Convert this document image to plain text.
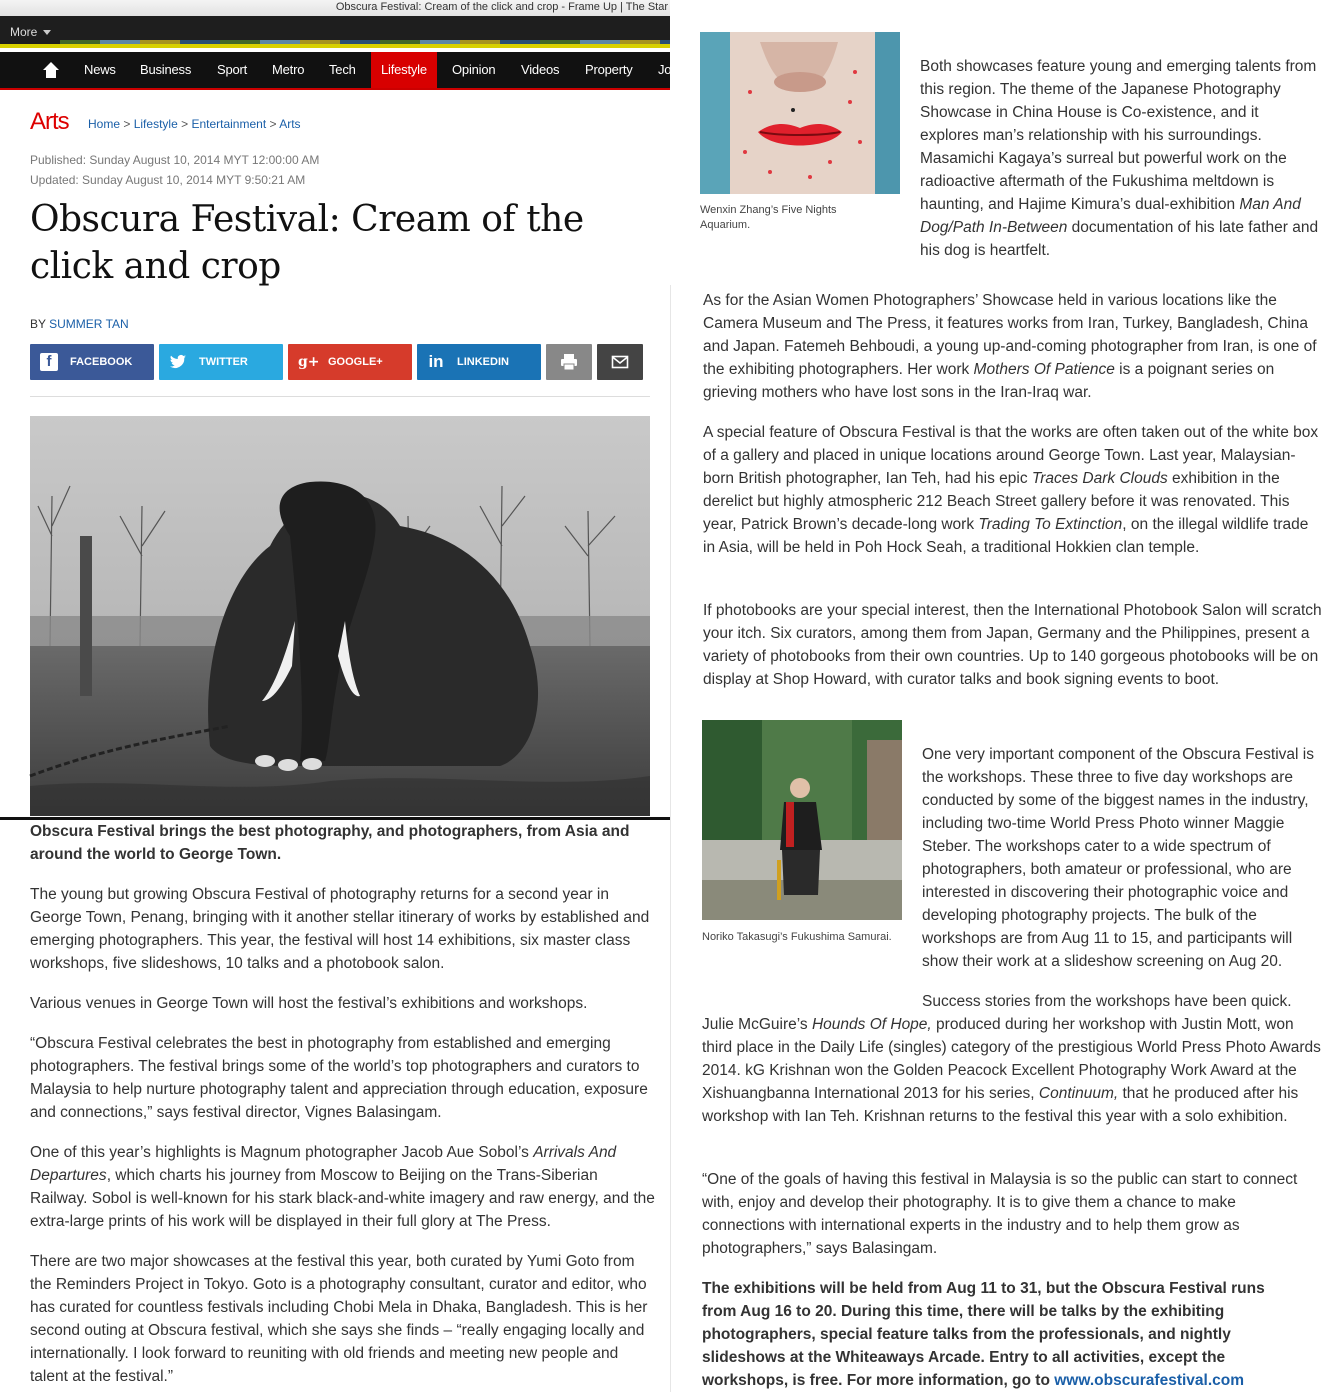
Obscura Festival: Cream of the click and crop - Frame Up | The Star
More
News Business Sport Metro Tech	Lifestyle	Opinion Videos Property Jo
Arts Home > Lifestyle > Entertainment > Arts
Published: Sunday August 10, 2014 MYT 12:00:00 AM
Updated: Sunday August 10, 2014 MYT 9:50:21 AM
Obscura Festival: Cream of the click and crop
BY SUMMER TAN
f	FACEBOOK	TWITTER	g+ GOOGLE+	in LINKEDIN
Obscura Festival brings the best photography, and photographers, from Asia and around the world to George Town.

The young but growing Obscura Festival of photography returns for a second year in George Town, Penang, bringing with it another stellar itinerary of works by established and emerging photographers. This year, the festival will host 14 exhibitions, six master class workshops, five slideshows, 10 talks and a photobook salon.

Various venues in George Town will host the festival’s exhibitions and workshops.

“Obscura Festival celebrates the best in photography from established and emerging photographers. The festival brings some of the world’s top photographers and curators to Malaysia to help nurture photography talent and appreciation through education, exposure and connections,” says festival director, Vignes Balasingam.

One of this year’s highlights is Magnum photographer Jacob Aue Sobol’s Arrivals And Departures, which charts his journey from Moscow to Beijing on the Trans-Siberian Railway. Sobol is well-known for his stark black-and-white imagery and raw energy, and the extra-large prints of his work will be displayed in their full glory at The Press.

There are two major showcases at the festival this year, both curated by Yumi Goto from the Reminders Project in Tokyo. Goto is a photography consultant, curator and editor, who has curated for countless festivals including Chobi Mela in Dhaka, Bangladesh. This is her second outing at Obscura festival, which she says she finds – “really engaging locally and internationally. I look forward to reuniting with old friends and meeting new people and talent at the festival.”

Wenxin Zhang’s Five Nights Aquarium.

Both showcases feature young and emerging talents from this region. The theme of the Japanese Photography Showcase in China House is Co-existence, and it explores man’s relationship with his surroundings. Masamichi Kagaya’s surreal but powerful work on the radioactive aftermath of the Fukushima meltdown is haunting, and Hajime Kimura’s dual-exhibition Man And Dog/Path In-Between documentation of his late father and his dog is heartfelt.

As for the Asian Women Photographers’ Showcase held in various locations like the Camera Museum and The Press, it features works from Iran, Turkey, Bangladesh, China and Japan. Fatemeh Behboudi, a young up-and-coming photographer from Iran, is one of the exhibiting photographers. Her work Mothers Of Patience is a poignant series on grieving mothers who have lost sons in the Iran-Iraq war.

A special feature of Obscura Festival is that the works are often taken out of the white box of a gallery and placed in unique locations around George Town. Last year, Malaysian-born British photographer, Ian Teh, had his epic Traces Dark Clouds exhibition in the derelict but highly atmospheric 212 Beach Street gallery before it was renovated. This year, Patrick Brown’s decade-long work Trading To Extinction, on the illegal wildlife trade in Asia, will be held in Poh Hock Seah, a traditional Hokkien clan temple.

If photobooks are your special interest, then the International Photobook Salon will scratch your itch. Six curators, among them from Japan, Germany and the Philippines, present a variety of photobooks from their own countries. Up to 140 gorgeous photobooks will be on display at Shop Howard, with curator talks and book signing events to boot.

Noriko Takasugi’s Fukushima Samurai.

One very important component of the Obscura Festival is the workshops. These three to five day workshops are conducted by some of the biggest names in the industry, including two-time World Press Photo winner Maggie Steber. The workshops cater to a wide spectrum of photographers, both amateur or professional, who are interested in discovering their photographic voice and developing photography projects. The bulk of the workshops are from Aug 11 to 15, and participants will show their work at a slideshow screening on Aug 20.

Success stories from the workshops have been quick.
Julie McGuire’s Hounds Of Hope, produced during her workshop with Justin Mott, won third place in the Daily Life (singles) category of the prestigious World Press Photo Awards 2014. kG Krishnan won the Golden Peacock Excellent Photography Work Award at the Xishuangbanna International 2013 for his series, Continuum, that he produced after his workshop with Ian Teh. Krishnan returns to the festival this year with a solo exhibition.

“One of the goals of having this festival in Malaysia is so the public can start to connect with, enjoy and develop their photography. It is to give them a chance to make connections with international experts in the industry and to help them grow as photographers,” says Balasingam.

The exhibitions will be held from Aug 11 to 31, but the Obscura Festival runs from Aug 16 to 20. During this time, there will be talks by the exhibiting photographers, special feature talks from the professionals, and nightly slideshows at the Whiteaways Arcade. Entry to all activities, except the workshops, is free. For more information, go to www.obscurafestival.com
